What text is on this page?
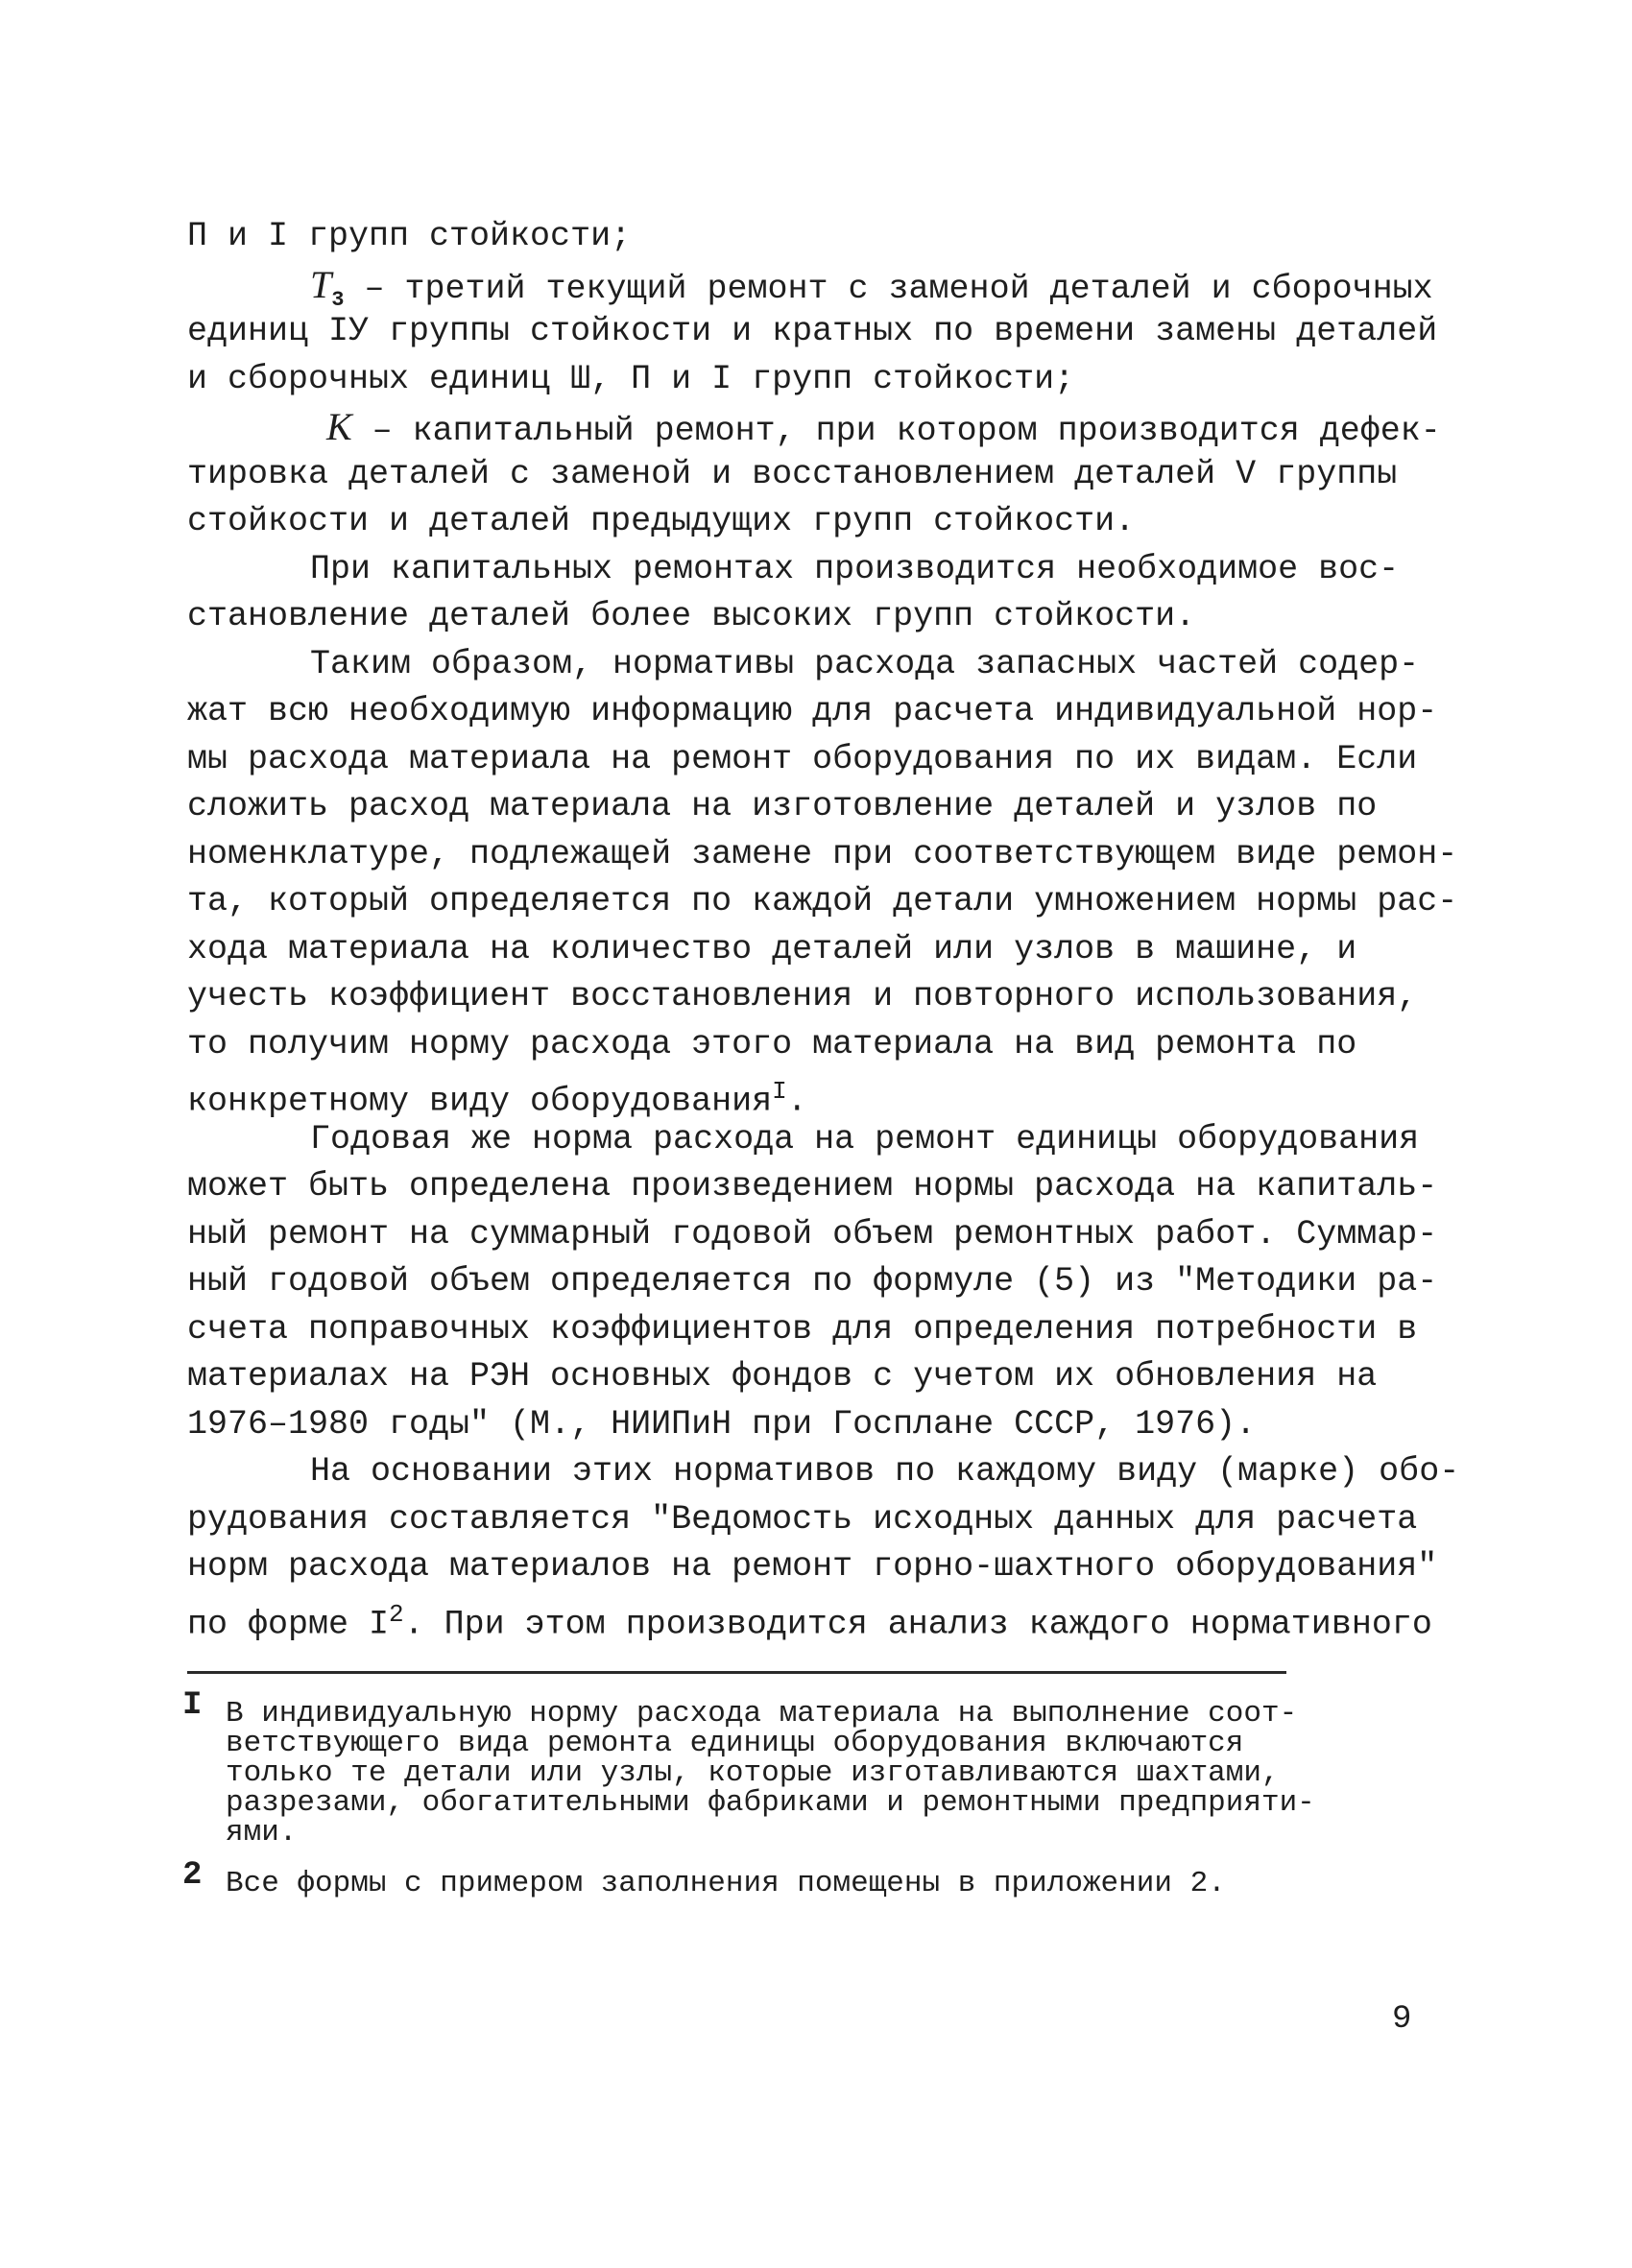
П и I групп стойкости;
$Т_3$ – третий текущий ремонт с заменой деталей и сборочных
единиц IУ группы стойкости и кратных по времени замены деталей
и сборочных единиц Ш, П и I групп стойкости;
К – капитальный ремонт, при котором производится дефек-
тировка деталей с заменой и восстановлением деталей V группы
стойкости и деталей предыдущих групп стойкости.
При капитальных ремонтах производится необходимое вос-
становление деталей более высоких групп стойкости.
Таким образом, нормативы расхода запасных частей содер-
жат всю необходимую информацию для расчета индивидуальной нор-
мы расхода материала на ремонт оборудования по их видам. Если
сложить расход материала на изготовление деталей и узлов по
номенклатуре, подлежащей замене при соответствующем виде ремон-
та, который определяется по каждой детали умножением нормы рас-
хода материала на количество деталей или узлов в машине, и
учесть коэффициент восстановления и повторного использования,
то получим норму расхода этого материала на вид ремонта по
конкретному виду оборудования$^I$.
Годовая же норма расхода на ремонт единицы оборудования
может быть определена произведением нормы расхода на капиталь-
ный ремонт на суммарный годовой объем ремонтных работ. Суммар-
ный годовой объем определяется по формуле (5) из "Методики ра-
счета поправочных коэффициентов для определения потребности в
материалах на РЭН основных фондов с учетом их обновления на
1976–1980 годы" (М., НИИПиН при Госплане СССР, 1976).
На основании этих нормативов по каждому виду (марке) обо-
рудования составляется "Ведомость исходных данных для расчета
норм расхода материалов на ремонт горно-шахтного оборудования"
по форме $I^2$. При этом производится анализ каждого нормативного
I В индивидуальную норму расхода материала на выполнение соот-
ветствующего вида ремонта единицы оборудования включаются
только те детали или узлы, которые изготавливаются шахтами,
разрезами, обогатительными фабриками и ремонтными предприяти-
ями.
2 Все формы с примером заполнения помещены в приложении 2.
9
